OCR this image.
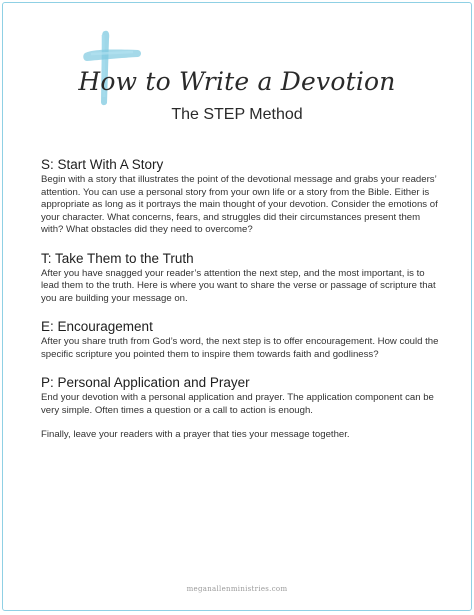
How to Write a Devotion
The STEP Method
S: Start With A Story

Begin with a story that illustrates the point of the devotional message and grabs your readers’ attention. You can use a personal story from your own life or a story from the Bible. Either is appropriate as long as it portrays the main thought of your devotion. Consider the emotions of your character. What concerns, fears, and struggles did their circumstances present them with? What obstacles did they need to overcome?

T: Take Them to the Truth

After you have snagged your reader’s attention the next step, and the most important, is to lead them to the truth. Here is where you want to share the verse or passage of scripture that you are building your message on.

E: Encouragement

After you share truth from God’s word, the next step is to offer encouragement. How could the specific scripture you pointed them to inspire them towards faith and godliness?

P: Personal Application and Prayer

End your devotion with a personal application and prayer. The application component can be very simple. Often times a question or a call to action is enough.

Finally, leave your readers with a prayer that ties your message together.

meganallenministries.com
